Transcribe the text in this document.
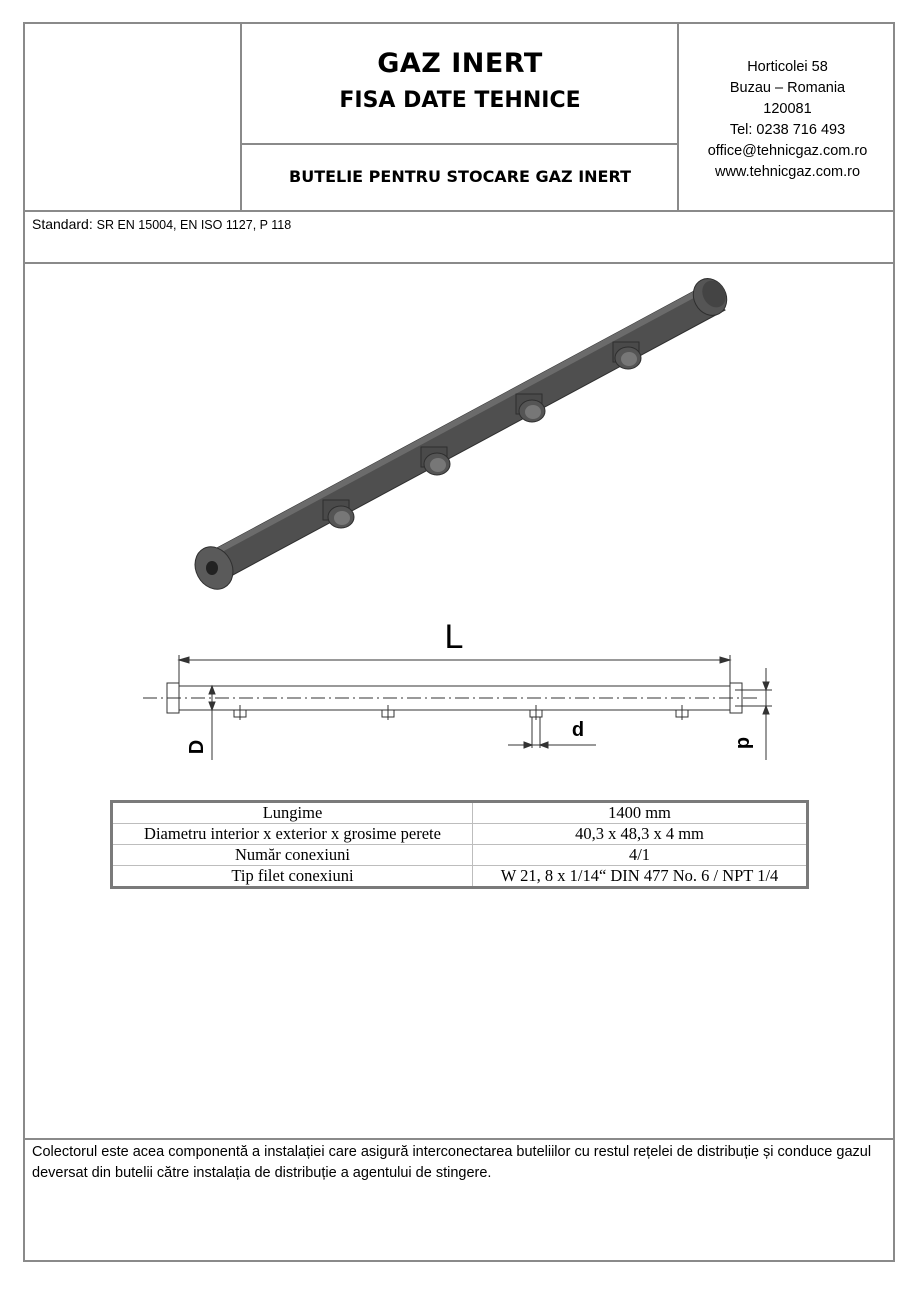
GAZ INERT
FISA DATE TEHNICE
BUTELIE PENTRU STOCARE GAZ INERT
Horticolei 58
Buzau – Romania
120081
Tel: 0238 716 493
office@tehnicgaz.com.ro
www.tehnicgaz.com.ro
Standard: SR EN 15004, EN ISO 1127, P 118
L
D
d
d
Lungime	1400 mm
Diametru interior x exterior x grosime perete	40,3 x 48,3 x 4 mm
Număr conexiuni	4/1
Tip filet conexiuni	W 21, 8 x 1/14“ DIN 477 No. 6 / NPT 1/4
Colectorul este acea componentă a instalației care asigură interconectarea buteliilor cu restul rețelei de distribuție și conduce gazul deversat din butelii către instalația de distribuție a agentului de stingere.
